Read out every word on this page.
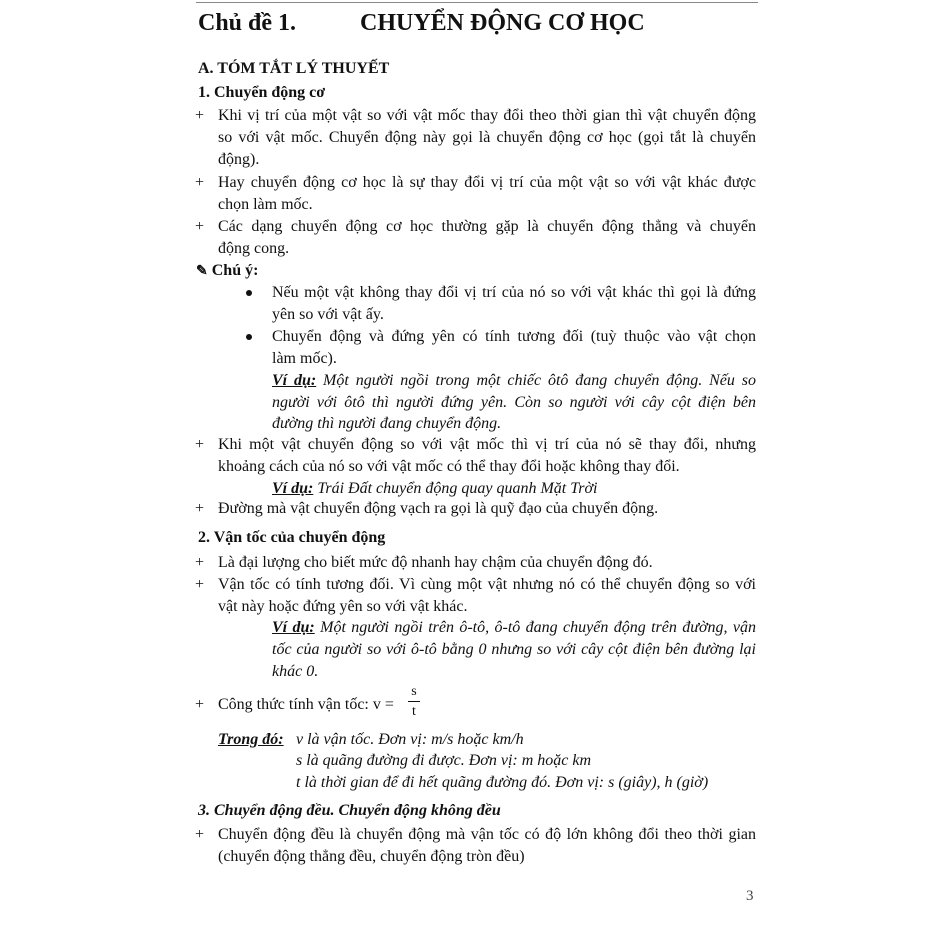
Chủ đề 1.	CHUYỂN ĐỘNG CƠ HỌC
A. TÓM TẮT LÝ THUYẾT
1. Chuyển động cơ
+ Khi vị trí của một vật so với vật mốc thay đổi theo thời gian thì vật chuyển động
so với vật mốc. Chuyển động này gọi là chuyển động cơ học (gọi tắt là chuyển
động).
+ Hay chuyển động cơ học là sự thay đổi vị trí của một vật so với vật khác được
chọn làm mốc.
+ Các dạng chuyển động cơ học thường gặp là chuyển động thẳng và chuyển
động cong.
✎ Chú ý:
Nếu một vật không thay đổi vị trí của nó so với vật khác thì gọi là đứng
yên so với vật ấy.
Chuyển động và đứng yên có tính tương đối (tuỳ thuộc vào vật chọn
làm mốc).
Ví dụ: Một người ngồi trong một chiếc ôtô đang chuyển động. Nếu so
người với ôtô thì người đứng yên. Còn so người với cây cột điện bên
đường thì người đang chuyển động.
+ Khi một vật chuyển động so với vật mốc thì vị trí của nó sẽ thay đổi, nhưng
khoảng cách của nó so với vật mốc có thể thay đổi hoặc không thay đổi.
Ví dụ: Trái Đất chuyển động quay quanh Mặt Trời
+ Đường mà vật chuyển động vạch ra gọi là quỹ đạo của chuyển động.
2. Vận tốc của chuyển động
+ Là đại lượng cho biết mức độ nhanh hay chậm của chuyển động đó.
+ Vận tốc có tính tương đối. Vì cùng một vật nhưng nó có thể chuyển động so với
vật này hoặc đứng yên so với vật khác.
Ví dụ: Một người ngồi trên ô-tô, ô-tô đang chuyển động trên đường, vận
tốc của người so với ô-tô bằng 0 nhưng so với cây cột điện bên đường lại
khác 0.
+ Công thức tính vận tốc: v =
s
t
Trong đó: v là vận tốc. Đơn vị: m/s hoặc km/h
s là quãng đường đi được. Đơn vị: m hoặc km
t là thời gian để đi hết quãng đường đó. Đơn vị: s (giây), h (giờ)
3. Chuyển động đều. Chuyển động không đều
+ Chuyển động đều là chuyển động mà vận tốc có độ lớn không đổi theo thời gian
(chuyển động thẳng đều, chuyển động tròn đều)
3
